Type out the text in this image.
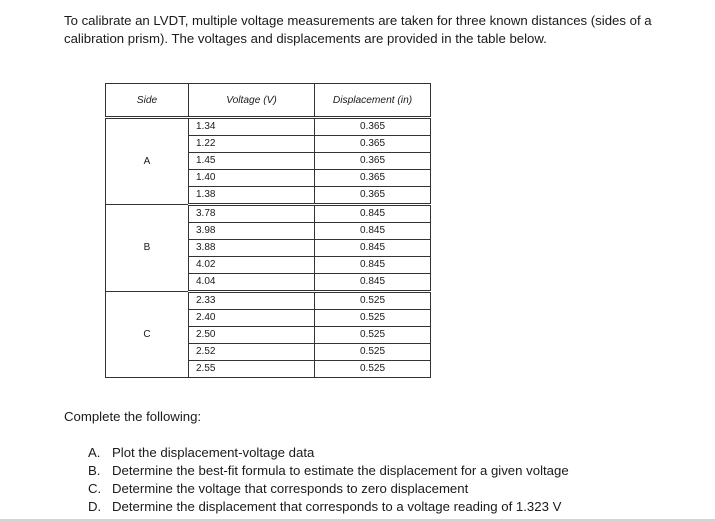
To calibrate an LVDT, multiple voltage measurements are taken for three known distances (sides of a calibration prism). The voltages and displacements are provided in the table below.

Side	Voltage (V)	Displacement (in)
A	1.34	0.365
	1.22	0.365
	1.45	0.365
	1.40	0.365
	1.38	0.365
B	3.78	0.845
	3.98	0.845
	3.88	0.845
	4.02	0.845
	4.04	0.845
C	2.33	0.525
	2.40	0.525
	2.50	0.525
	2.52	0.525
	2.55	0.525

Complete the following:

A. Plot the displacement-voltage data
B. Determine the best-fit formula to estimate the displacement for a given voltage
C. Determine the voltage that corresponds to zero displacement
D. Determine the displacement that corresponds to a voltage reading of 1.323 V
